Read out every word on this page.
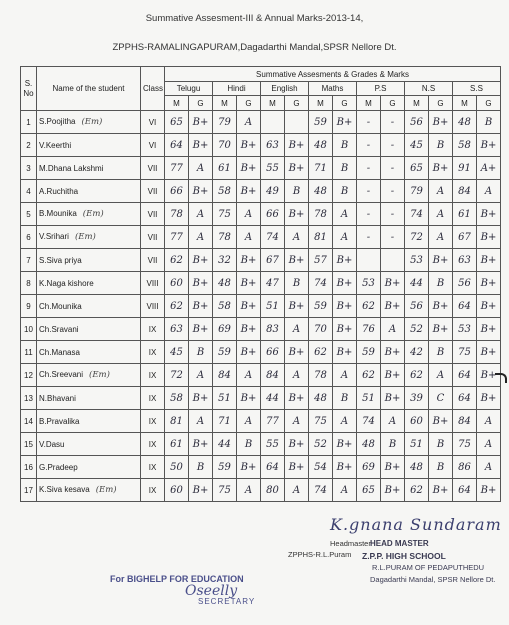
Summative Assesment-III & Annual Marks-2013-14,
ZPPHS-RAMALINGAPURAM,Dagadarthi Mandal,SPSR Nellore Dt.
S. No	Name of the student	Class	Summative Assesments & Grades & Marks													
			Telugu		Hindi		English		Maths		P.S		N.S		S.S	
			M	G	M	G	M	G	M	G	M	G	M	G	M	G
1	S.Poojitha (Em)	VI	65	B+	79	A			59	B+	-	-	56	B+	48	B
2	V.Keerthi	VI	64	B+	70	B+	63	B+	48	B	-	-	45	B	58	B+
3	M.Dhana Lakshmi	VII	77	A	61	B+	55	B+	71	B	-	-	65	B+	91	A+
4	A.Ruchitha	VII	66	B+	58	B+	49	B	48	B	-	-	79	A	84	A
5	B.Mounika (Em)	VII	78	A	75	A	66	B+	78	A	-	-	74	A	61	B+
6	V.Srihari (Em)	VII	77	A	78	A	74	A	81	A	-	-	72	A	67	B+
7	S.Siva priya	VII	62	B+	32	B+	67	B+	57	B+			53	B+	63	B+
8	K.Naga kishore	VIII	60	B+	48	B+	47	B	74	B+	53	B+	44	B	56	B+
9	Ch.Mounika	VIII	62	B+	58	B+	51	B+	59	B+	62	B+	56	B+	64	B+
10	Ch.Sravani	IX	63	B+	69	B+	83	A	70	B+	76	A	52	B+	53	B+
11	Ch.Manasa	IX	45	B	59	B+	66	B+	62	B+	59	B+	42	B	75	B+
12	Ch.Sreevani (Em)	IX	72	A	84	A	84	A	78	A	62	B+	62	A	64	B+
13	N.Bhavani	IX	58	B+	51	B+	44	B+	48	B	51	B+	39	C	64	B+
14	B.Pravalika	IX	81	A	71	A	77	A	75	A	74	A	60	B+	84	A
15	V.Dasu	IX	61	B+	44	B	55	B+	52	B+	48	B	51	B	75	A
16	G.Pradeep	IX	50	B	59	B+	64	B+	54	B+	69	B+	48	B	86	A
17	K.Siva kesava (Em)	IX	60	B+	75	A	80	A	74	A	65	B+	62	B+	64	B+
K.gnana Sundaram
Headmaster HEAD MASTER
ZPPHS-R.L.Puram Z.P.P. HIGH SCHOOL
R.L.PURAM OF PEDAPUTHEDU
Dagadarthi Mandal, SPSR Nellore Dt.
For BIGHELP FOR EDUCATION
Oseelly
SECRETARY
